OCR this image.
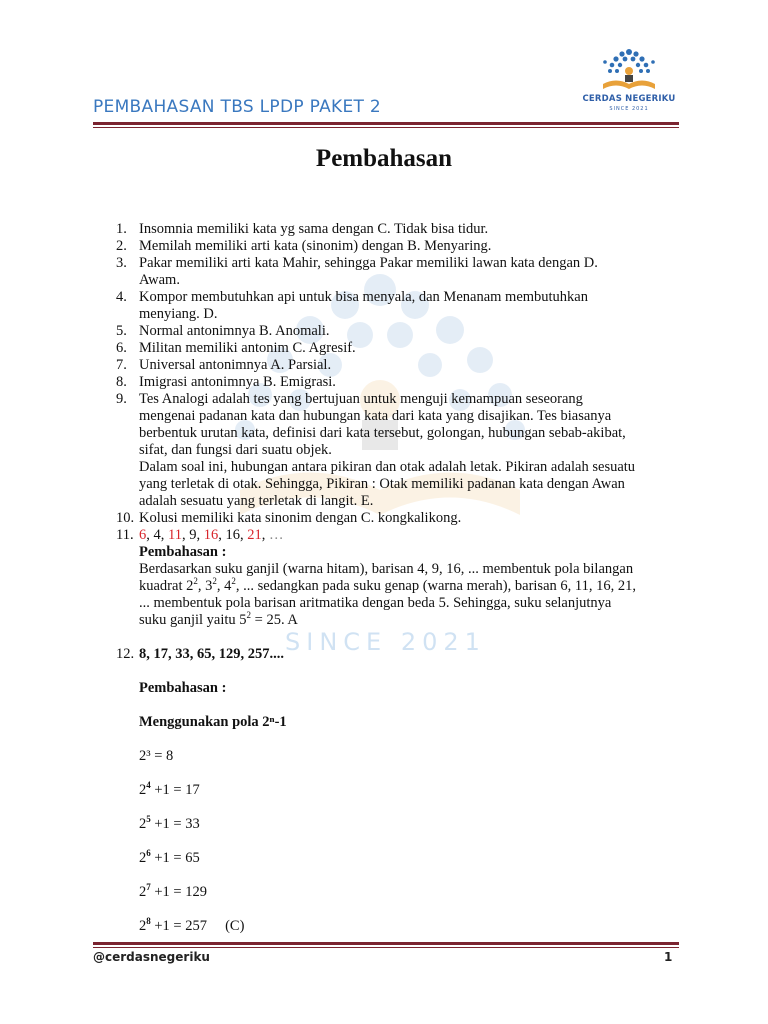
PEMBAHASAN TBS LPDP PAKET 2	CERDAS NEGERIKU
SINCE 2021
SINCE 2021
Pembahasan
1. Insomnia memiliki kata yg sama dengan C. Tidak bisa tidur.
2. Memilah memiliki arti kata (sinonim) dengan B. Menyaring.
3. Pakar memiliki arti kata Mahir, sehingga Pakar memiliki lawan kata dengan D.
Awam.
4. Kompor membutuhkan api untuk bisa menyala, dan Menanam membutuhkan
menyiang. D.
5. Normal antonimnya B. Anomali.
6. Militan memiliki antonim C. Agresif.
7. Universal antonimnya A. Parsial.
8. Imigrasi antonimnya B. Emigrasi.
9. Tes Analogi adalah tes yang bertujuan untuk menguji kemampuan seseorang
mengenai padanan kata dan hubungan kata dari kata yang disajikan. Tes biasanya
berbentuk urutan kata, definisi dari kata tersebut, golongan, hubungan sebab-akibat,
sifat, dan fungsi dari suatu objek.
Dalam soal ini, hubungan antara pikiran dan otak adalah letak. Pikiran adalah sesuatu
yang terletak di otak. Sehingga, Pikiran : Otak memiliki padanan kata dengan Awan
adalah sesuatu yang terletak di langit. E.
10. Kolusi memiliki kata sinonim dengan C. kongkalikong.
11. 6, 4, 11, 9, 16, 16, 21, …
Pembahasan :
Berdasarkan suku ganjil (warna hitam), barisan 4, 9, 16, ... membentuk pola bilangan
kuadrat $2^2$, $3^2$, $4^2$, ... sedangkan pada suku genap (warna merah), barisan 6, 11, 16, 21,
... membentuk pola barisan aritmatika dengan beda 5. Sehingga, suku selanjutnya
suku ganjil yaitu $5^2 = 25$. A
12. 8, 17, 33, 65, 129, 257....
Pembahasan :
Menggunakan pola 2ⁿ-1
2³ = 8
$2^4 +1 = 17$
$2^5 +1 = 33$
$2^6 +1 = 65$
$2^7 +1 = 129$
$2^8 +1 = 257$     (C)
@cerdasnegeriku	1
